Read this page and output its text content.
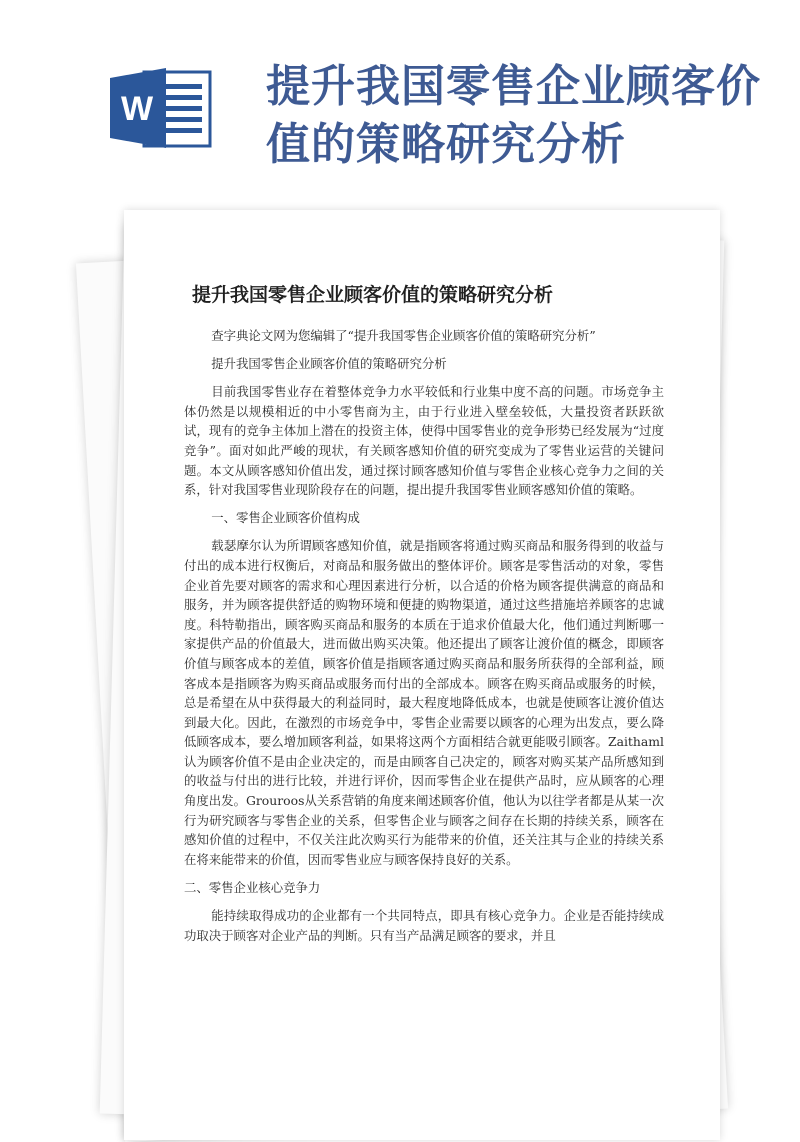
W	提升我国零售企业顾客价值的策略研究分析
提升我国零售企业顾客价值的策略研究分析

查字典论文网为您编辑了“提升我国零售企业顾客价值的策略研究分析”

提升我国零售企业顾客价值的策略研究分析

目前我国零售业存在着整体竞争力水平较低和行业集中度不高的问题。市场竞争主体仍然是以规模相近的中小零售商为主，由于行业进入壁垒较低，大量投资者跃跃欲试，现有的竞争主体加上潜在的投资主体，使得中国零售业的竞争形势已经发展为“过度竞争”。面对如此严峻的现状，有关顾客感知价值的研究变成为了零售业运营的关键问题。本文从顾客感知价值出发，通过探讨顾客感知价值与零售企业核心竞争力之间的关系，针对我国零售业现阶段存在的问题，提出提升我国零售业顾客感知价值的策略。

一、零售企业顾客价值构成

载瑟摩尔认为所谓顾客感知价值，就是指顾客将通过购买商品和服务得到的收益与付出的成本进行权衡后，对商品和服务做出的整体评价。顾客是零售活动的对象，零售企业首先要对顾客的需求和心理因素进行分析，以合适的价格为顾客提供满意的商品和服务，并为顾客提供舒适的购物环境和便捷的购物渠道，通过这些措施培养顾客的忠诚度。科特勒指出，顾客购买商品和服务的本质在于追求价值最大化，他们通过判断哪一家提供产品的价值最大，进而做出购买决策。他还提出了顾客让渡价值的概念，即顾客价值与顾客成本的差值，顾客价值是指顾客通过购买商品和服务所获得的全部利益，顾客成本是指顾客为购买商品或服务而付出的全部成本。顾客在购买商品或服务的时候，总是希望在从中获得最大的利益同时，最大程度地降低成本，也就是使顾客让渡价值达到最大化。因此，在激烈的市场竞争中，零售企业需要以顾客的心理为出发点，要么降低顾客成本，要么增加顾客利益，如果将这两个方面相结合就更能吸引顾客。Zaithaml认为顾客价值不是由企业决定的，而是由顾客自己决定的，顾客对购买某产品所感知到的收益与付出的进行比较，并进行评价，因而零售企业在提供产品时，应从顾客的心理角度出发。Grouroos从关系营销的角度来阐述顾客价值，他认为以往学者都是从某一次行为研究顾客与零售企业的关系，但零售企业与顾客之间存在长期的持续关系，顾客在感知价值的过程中，不仅关注此次购买行为能带来的价值，还关注其与企业的持续关系在将来能带来的价值，因而零售业应与顾客保持良好的关系。

二、零售企业核心竞争力

能持续取得成功的企业都有一个共同特点，即具有核心竞争力。企业是否能持续成功取决于顾客对企业产品的判断。只有当产品满足顾客的要求，并且
